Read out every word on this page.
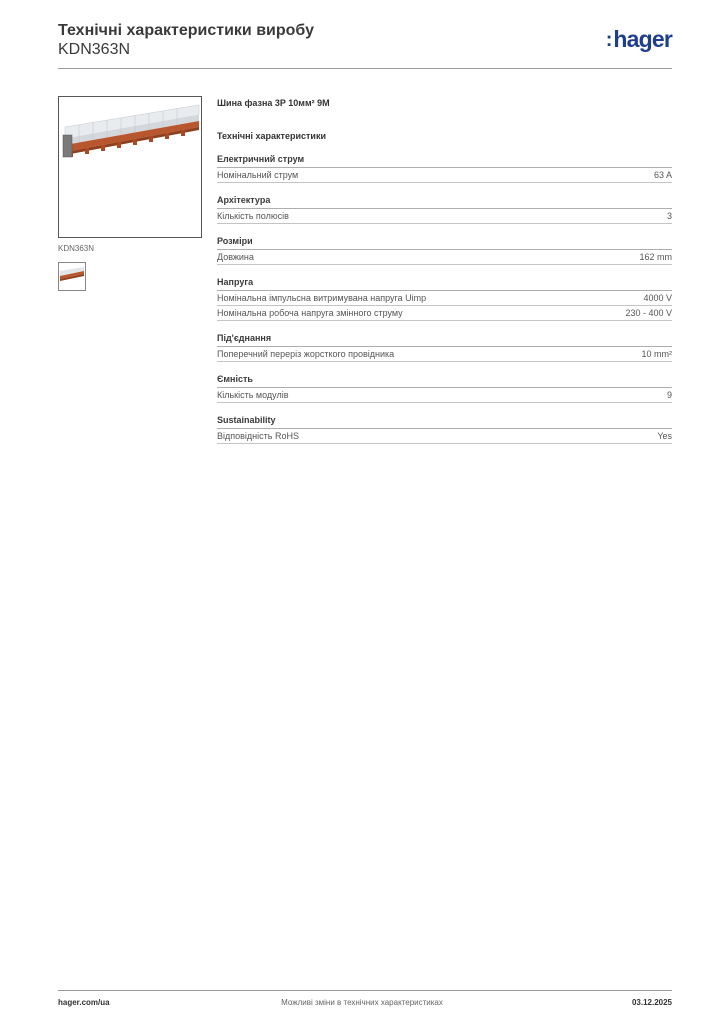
Технічні характеристики виробу
KDN363N	:hager
KDN363N
Шина фазна 3P 10мм² 9М
Технічні характеристики
Електричний струм
Номінальний струм	63 A
Архітектура
Кількість полюсів	3
Розміри
Довжина	162 mm
Напруга
Номінальна імпульсна витримувана напруга Uimp	4000 V
Номінальна робоча напруга змінного струму	230 - 400 V
Під'єднання
Поперечний переріз жорсткого провідника	10 mm²
Ємність
Кількість модулів	9
Sustainability
Відповідність RoHS	Yes
hager.com/ua	Можливі зміни в технічних характеристиках	03.12.2025
